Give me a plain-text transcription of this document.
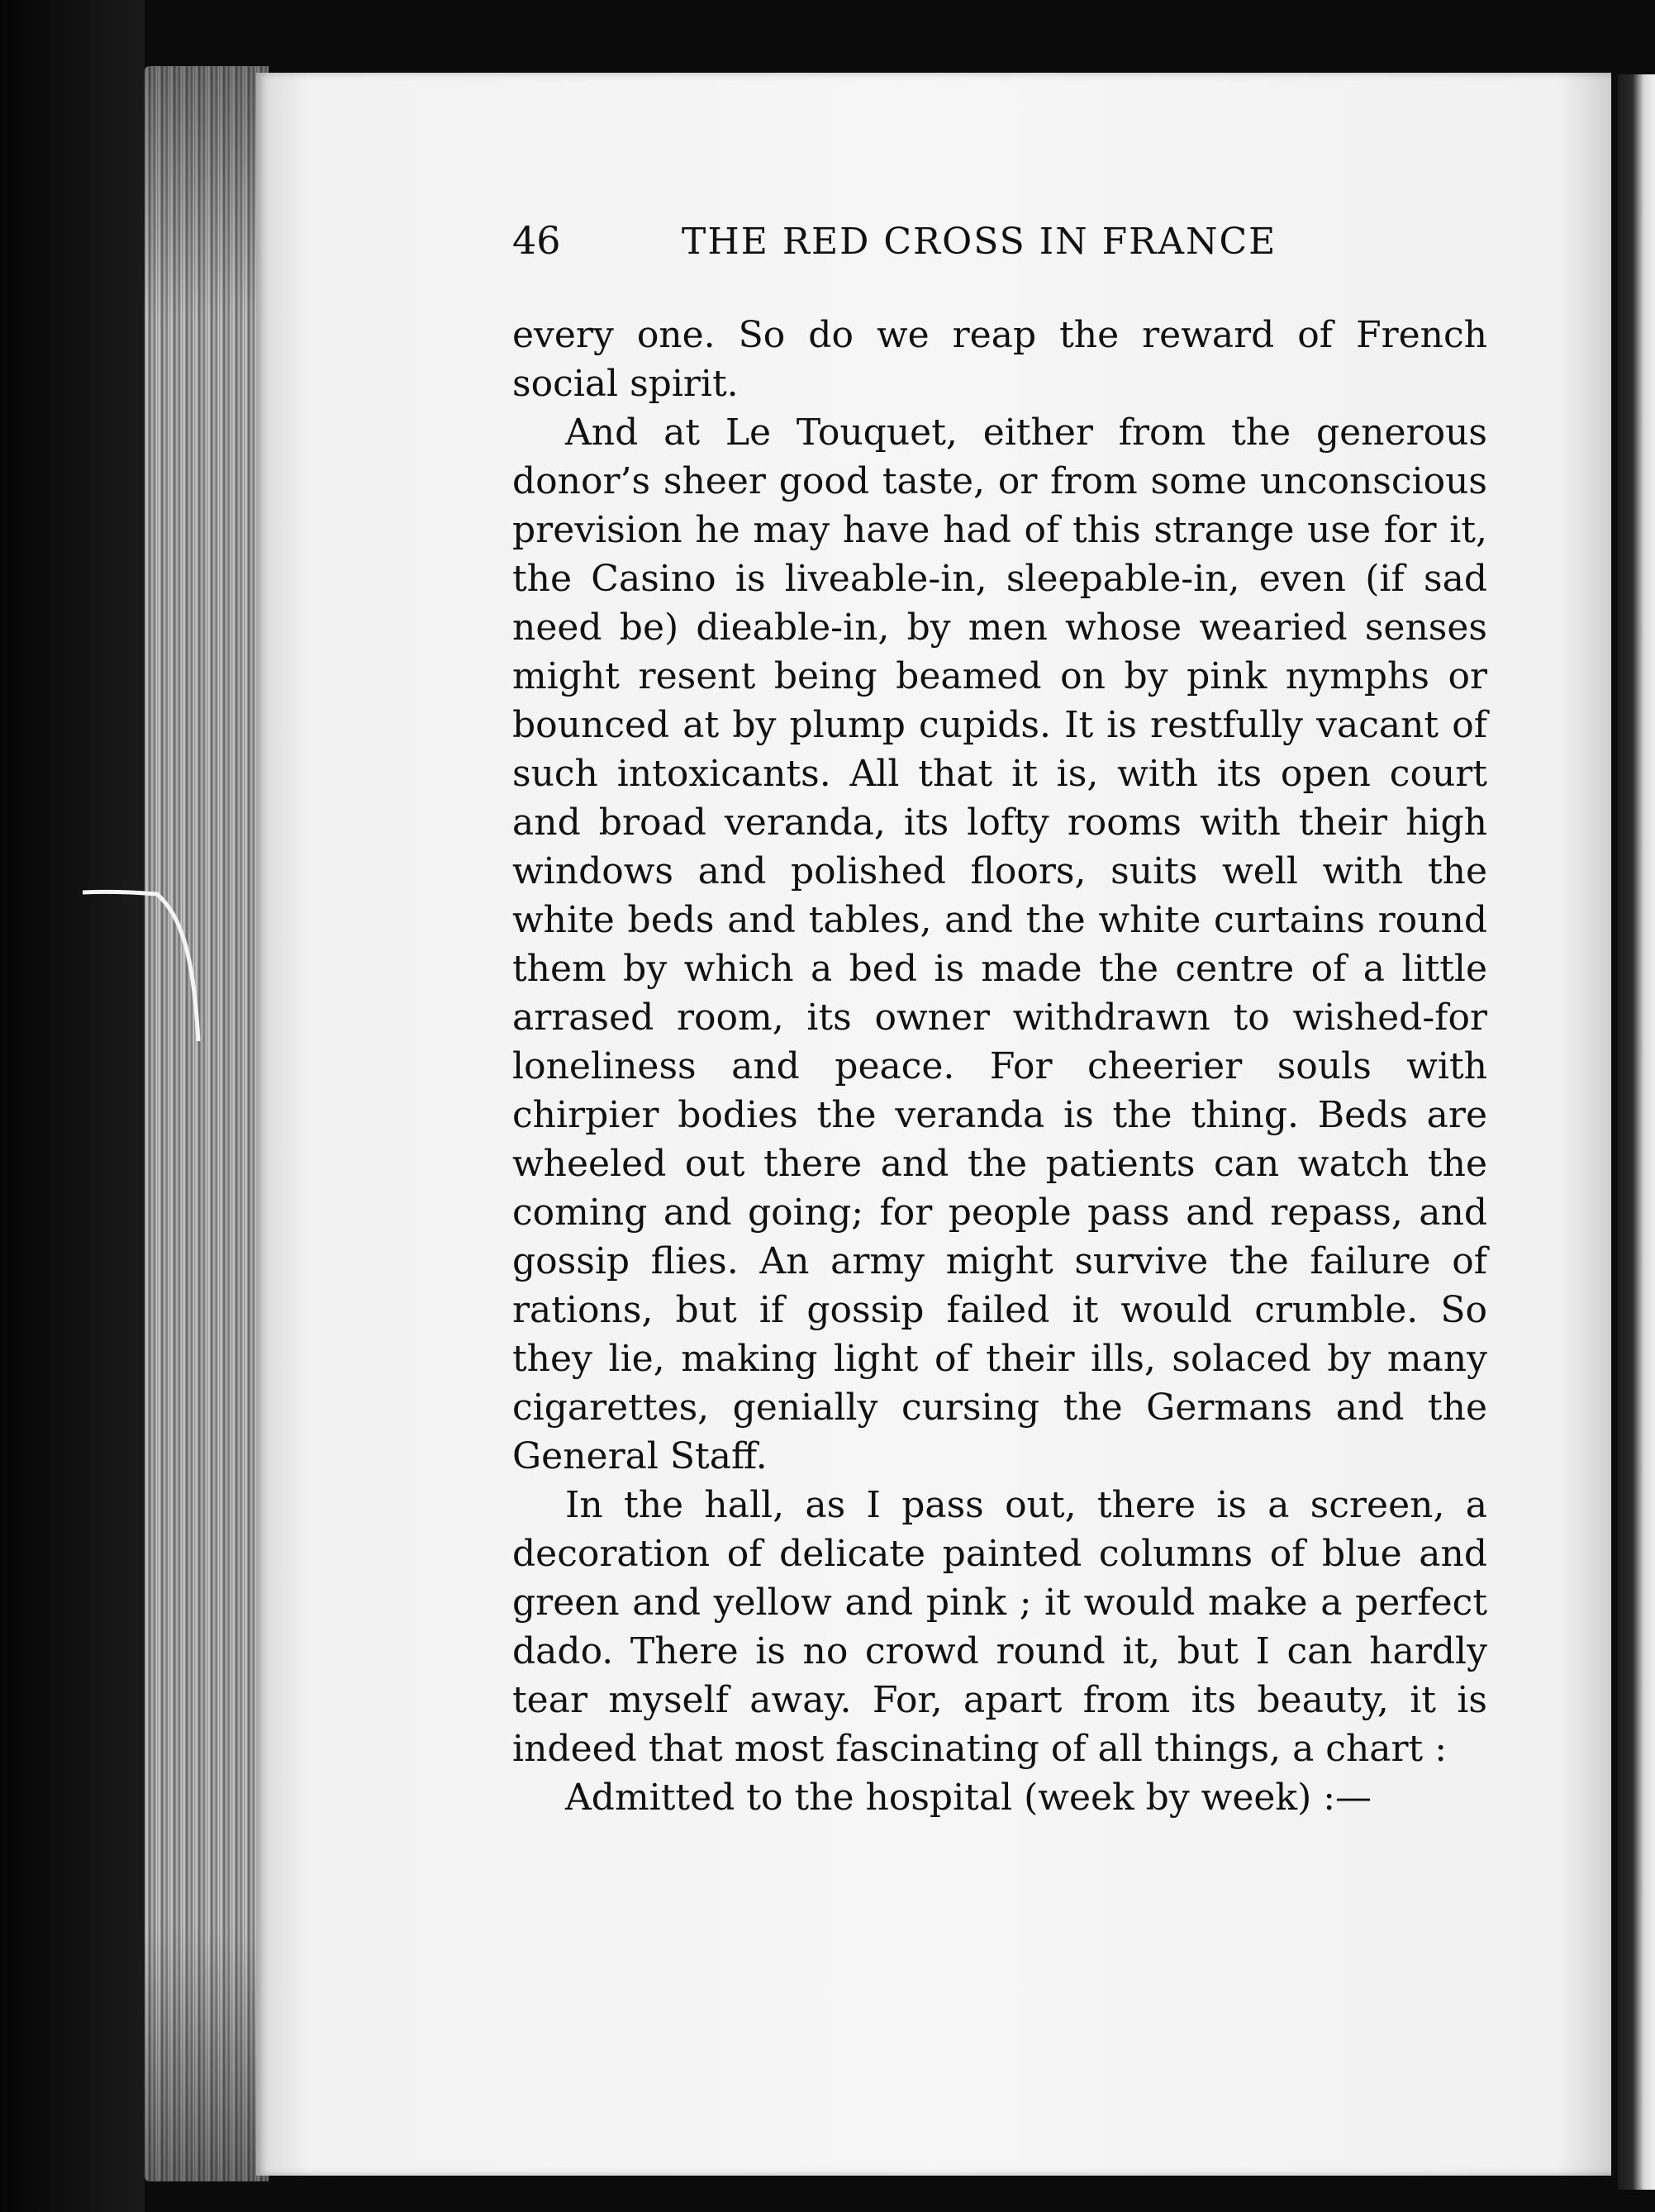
46	THE RED CROSS IN FRANCE

every one. So do we reap the reward of French social spirit.

And at Le Touquet, either from the generous donor’s sheer good taste, or from some unconscious prevision he may have had of this strange use for it, the Casino is liveable-in, sleepable-in, even (if sad need be) dieable-in, by men whose wearied senses might resent being beamed on by pink nymphs or bounced at by plump cupids. It is restfully vacant of such intoxicants. All that it is, with its open court and broad veranda, its lofty rooms with their high windows and polished floors, suits well with the white beds and tables, and the white curtains round them by which a bed is made the centre of a little arrased room, its owner withdrawn to wished-for loneliness and peace. For cheerier souls with chirpier bodies the veranda is the thing. Beds are wheeled out there and the patients can watch the coming and going; for people pass and repass, and gossip flies. An army might survive the failure of rations, but if gossip failed it would crumble. So they lie, making light of their ills, solaced by many cigarettes, genially cursing the Germans and the General Staff.

In the hall, as I pass out, there is a screen, a decoration of delicate painted columns of blue and green and yellow and pink ; it would make a perfect dado. There is no crowd round it, but I can hardly tear myself away. For, apart from its beauty, it is indeed that most fascinating of all things, a chart :

Admitted to the hospital (week by week) :—
